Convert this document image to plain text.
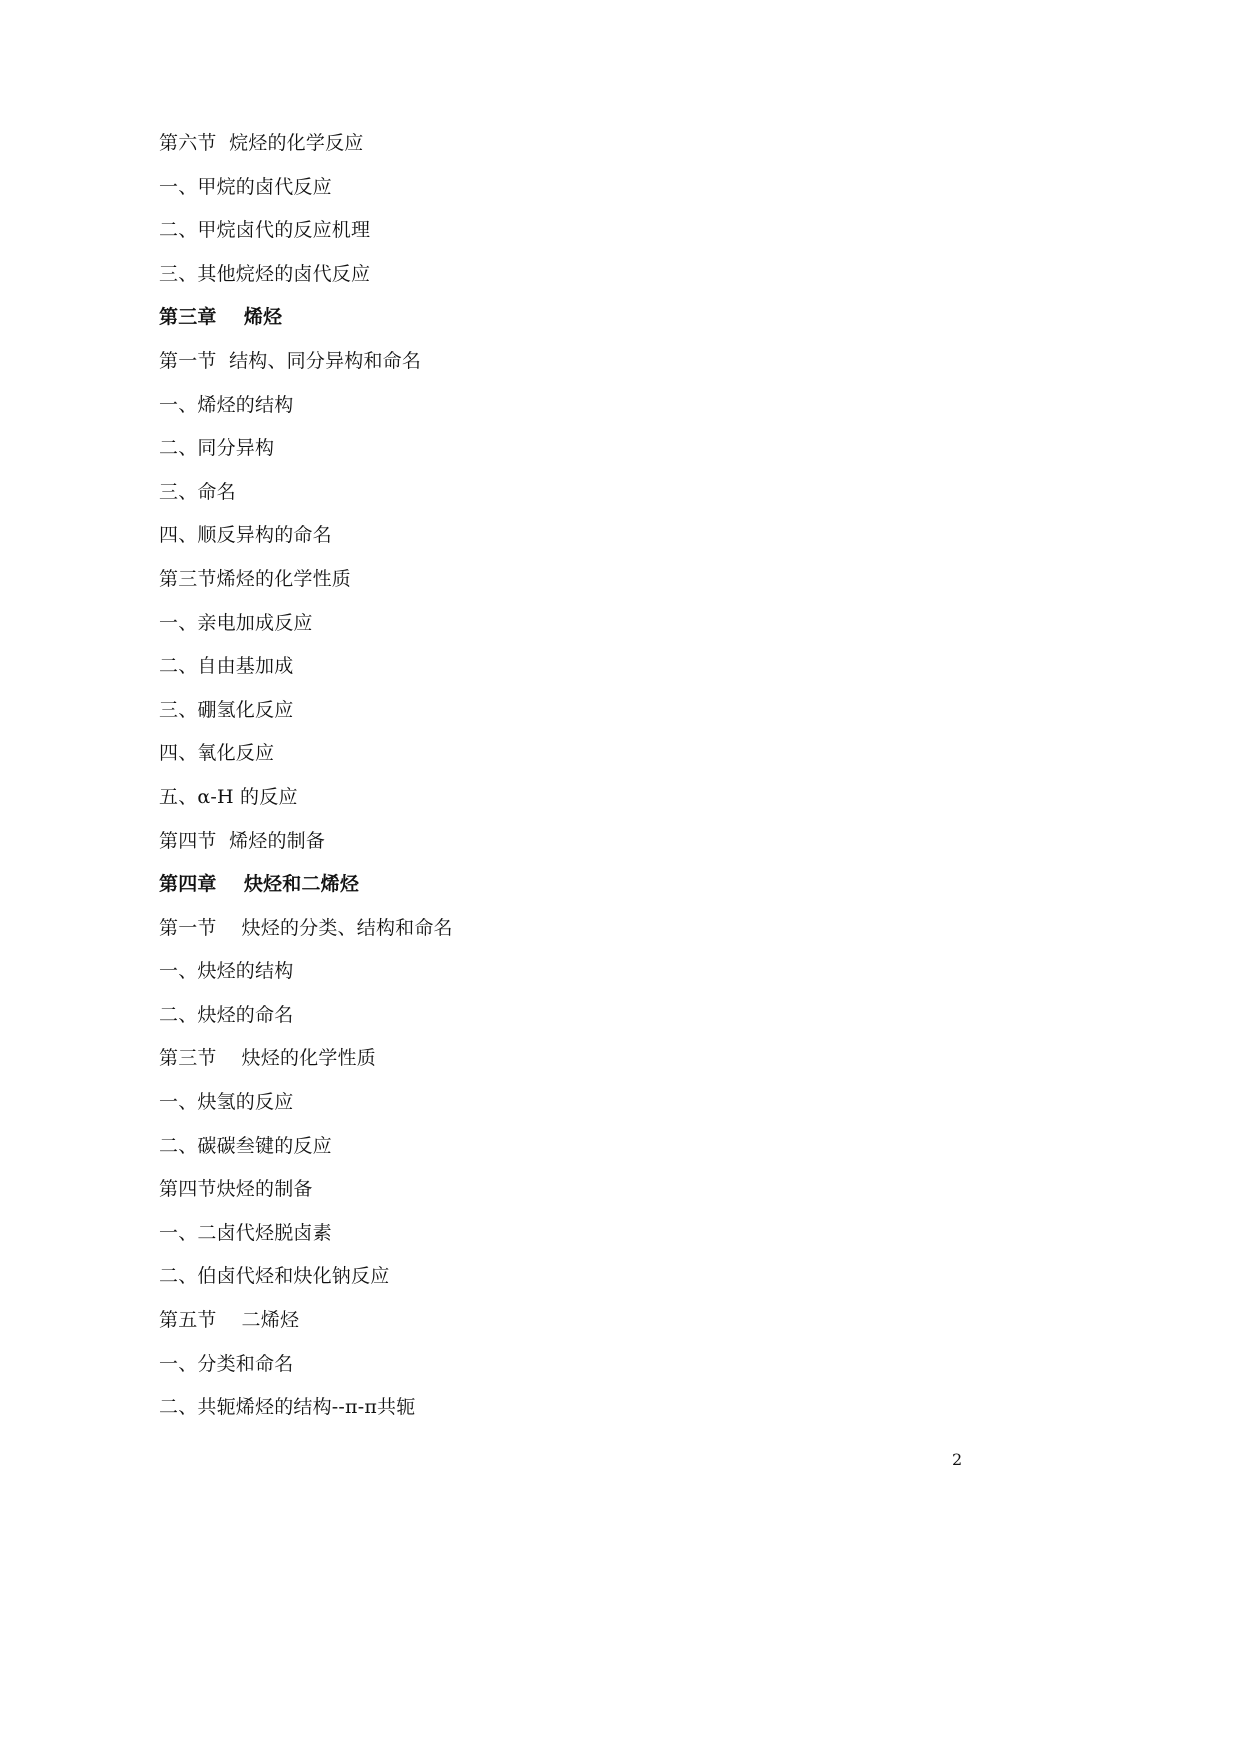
第六节  烷烃的化学反应
一、甲烷的卤代反应
二、甲烷卤代的反应机理
三、其他烷烃的卤代反应
第三章    烯烃
第一节  结构、同分异构和命名
一、烯烃的结构
二、同分异构
三、命名
四、顺反异构的命名
第三节烯烃的化学性质
一、亲电加成反应
二、自由基加成
三、硼氢化反应
四、氧化反应
五、α-H 的反应
第四节  烯烃的制备
第四章    炔烃和二烯烃
第一节    炔烃的分类、结构和命名
一、炔烃的结构
二、炔烃的命名
第三节    炔烃的化学性质
一、炔氢的反应
二、碳碳叁键的反应
第四节炔烃的制备
一、二卤代烃脱卤素
二、伯卤代烃和炔化钠反应
第五节    二烯烃
一、分类和命名
二、共轭烯烃的结构--π-π共轭
2
